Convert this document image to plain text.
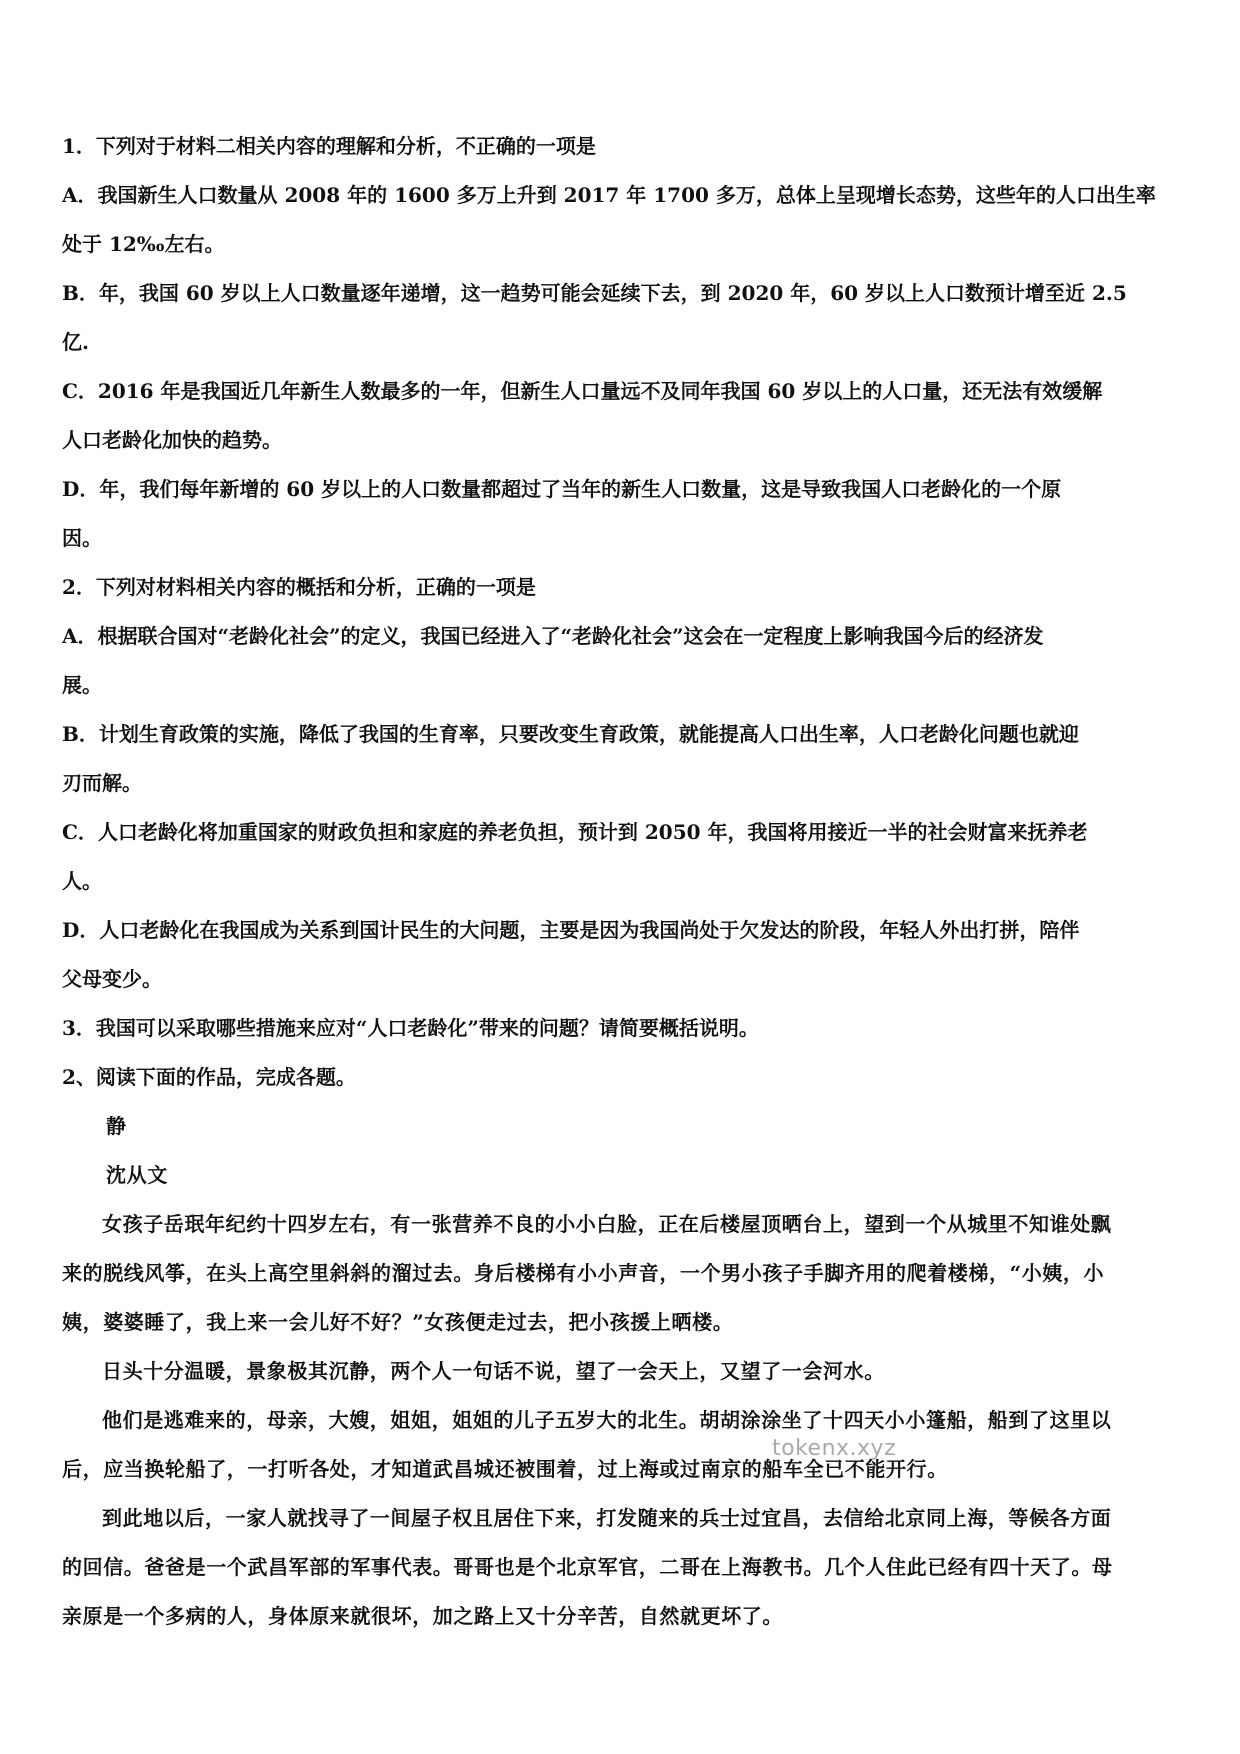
1．下列对于材料二相关内容的理解和分析，不正确的一项是
A．我国新生人口数量从 2008 年的 1600 多万上升到 2017 年 1700 多万，总体上呈现增长态势，这些年的人口出生率
处于 12‰左右。
B．年，我国 60 岁以上人口数量逐年递增，这一趋势可能会延续下去，到 2020 年，60 岁以上人口数预计增至近 2.5
亿.
C．2016 年是我国近几年新生人数最多的一年，但新生人口量远不及同年我国 60 岁以上的人口量，还无法有效缓解
人口老龄化加快的趋势。
D．年，我们每年新增的 60 岁以上的人口数量都超过了当年的新生人口数量，这是导致我国人口老龄化的一个原
因。
2．下列对材料相关内容的概括和分析，正确的一项是
A．根据联合国对“老龄化社会”的定义，我国已经进入了“老龄化社会”这会在一定程度上影响我国今后的经济发
展。
B．计划生育政策的实施，降低了我国的生育率，只要改变生育政策，就能提高人口出生率，人口老龄化问题也就迎
刃而解。
C．人口老龄化将加重国家的财政负担和家庭的养老负担，预计到 2050 年，我国将用接近一半的社会财富来抚养老
人。
D．人口老龄化在我国成为关系到国计民生的大问题，主要是因为我国尚处于欠发达的阶段，年轻人外出打拼，陪伴
父母变少。
3．我国可以采取哪些措施来应对“人口老龄化”带来的问题？请简要概括说明。
2、阅读下面的作品，完成各题。
静
沈从文
女孩子岳珉年纪约十四岁左右，有一张营养不良的小小白脸，正在后楼屋顶晒台上，望到一个从城里不知谁处飘
来的脱线风筝，在头上高空里斜斜的溜过去。身后楼梯有小小声音，一个男小孩子手脚齐用的爬着楼梯，“小姨，小
姨，婆婆睡了，我上来一会儿好不好？”女孩便走过去，把小孩援上晒楼。
日头十分温暖，景象极其沉静，两个人一句话不说，望了一会天上，又望了一会河水。
他们是逃难来的，母亲，大嫂，姐姐，姐姐的儿子五岁大的北生。胡胡涂涂坐了十四天小小篷船，船到了这里以
后，应当换轮船了，一打听各处，才知道武昌城还被围着，过上海或过南京的船车全已不能开行。
到此地以后，一家人就找寻了一间屋子权且居住下来，打发随来的兵士过宜昌，去信给北京同上海，等候各方面
的回信。爸爸是一个武昌军部的军事代表。哥哥也是个北京军官，二哥在上海教书。几个人住此已经有四十天了。母
亲原是一个多病的人，身体原来就很坏，加之路上又十分辛苦，自然就更坏了。
tokenx.xyz
